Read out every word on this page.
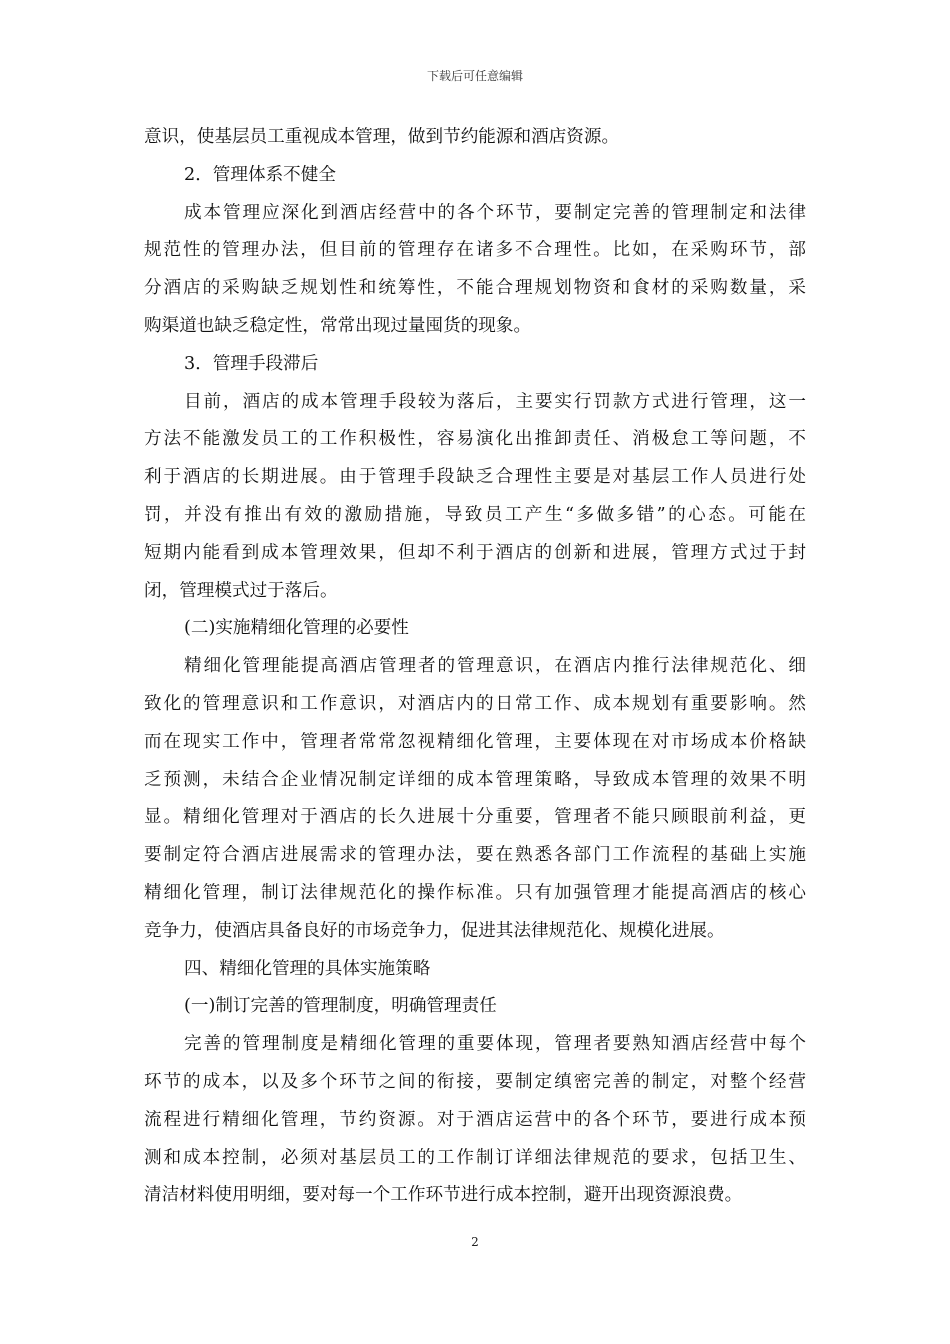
下载后可任意编辑
意识，使基层员工重视成本管理，做到节约能源和酒店资源。
2．管理体系不健全
成本管理应深化到酒店经营中的各个环节，要制定完善的管理制定和法律
规范性的管理办法，但目前的管理存在诸多不合理性。比如，在采购环节，部
分酒店的采购缺乏规划性和统筹性，不能合理规划物资和食材的采购数量，采
购渠道也缺乏稳定性，常常出现过量囤货的现象。
3．管理手段滞后
目前，酒店的成本管理手段较为落后，主要实行罚款方式进行管理，这一
方法不能激发员工的工作积极性，容易演化出推卸责任、消极怠工等问题，不
利于酒店的长期进展。由于管理手段缺乏合理性主要是对基层工作人员进行处
罚，并没有推出有效的激励措施，导致员工产生“多做多错”的心态。可能在
短期内能看到成本管理效果，但却不利于酒店的创新和进展，管理方式过于封
闭，管理模式过于落后。
(二)实施精细化管理的必要性
精细化管理能提高酒店管理者的管理意识，在酒店内推行法律规范化、细
致化的管理意识和工作意识，对酒店内的日常工作、成本规划有重要影响。然
而在现实工作中，管理者常常忽视精细化管理，主要体现在对市场成本价格缺
乏预测，未结合企业情况制定详细的成本管理策略，导致成本管理的效果不明
显。精细化管理对于酒店的长久进展十分重要，管理者不能只顾眼前利益，更
要制定符合酒店进展需求的管理办法，要在熟悉各部门工作流程的基础上实施
精细化管理，制订法律规范化的操作标准。只有加强管理才能提高酒店的核心
竞争力，使酒店具备良好的市场竞争力，促进其法律规范化、规模化进展。
四、精细化管理的具体实施策略
(一)制订完善的管理制度，明确管理责任
完善的管理制度是精细化管理的重要体现，管理者要熟知酒店经营中每个
环节的成本，以及多个环节之间的衔接，要制定缜密完善的制定，对整个经营
流程进行精细化管理，节约资源。对于酒店运营中的各个环节，要进行成本预
测和成本控制，必须对基层员工的工作制订详细法律规范的要求，包括卫生、
清洁材料使用明细，要对每一个工作环节进行成本控制，避开出现资源浪费。
2
